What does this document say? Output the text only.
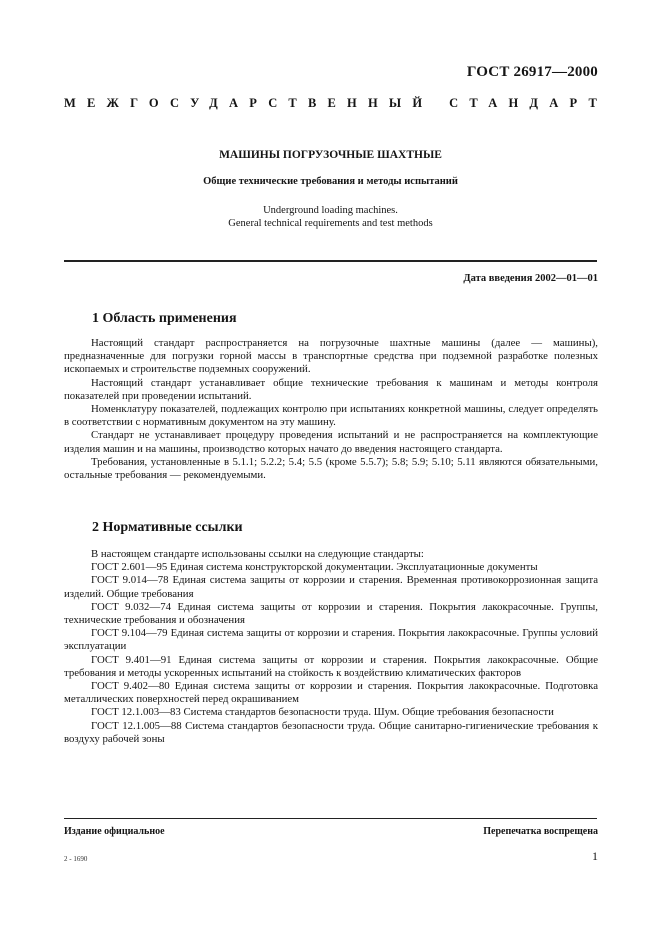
ГОСТ 26917—2000
МЕЖГОСУДАРСТВЕННЫЙ СТАНДАРТ
МАШИНЫ ПОГРУЗОЧНЫЕ ШАХТНЫЕ
Общие технические требования и методы испытаний
Underground loading machines.
General technical requirements and test methods
Дата введения 2002—01—01
1 Область применения

Настоящий стандарт распространяется на погрузочные шахтные машины (далее — машины), предназначенные для погрузки горной массы в транспортные средства при подземной разработке полезных ископаемых и строительстве подземных сооружений.

Настоящий стандарт устанавливает общие технические требования к машинам и методы контроля показателей при проведении испытаний.

Номенклатуру показателей, подлежащих контролю при испытаниях конкретной машины, следует определять в соответствии с нормативным документом на эту машину.

Стандарт не устанавливает процедуру проведения испытаний и не распространяется на комплектующие изделия машин и на машины, производство которых начато до введения настоящего стандарта.

Требования, установленные в 5.1.1; 5.2.2; 5.4; 5.5 (кроме 5.5.7); 5.8; 5.9; 5.10; 5.11 являются обязательными, остальные требования — рекомендуемыми.

2 Нормативные ссылки

В настоящем стандарте использованы ссылки на следующие стандарты:

ГОСТ 2.601—95 Единая система конструкторской документации. Эксплуатационные документы

ГОСТ 9.014—78 Единая система защиты от коррозии и старения. Временная противокоррозионная защита изделий. Общие требования

ГОСТ 9.032—74 Единая система защиты от коррозии и старения. Покрытия лакокрасочные. Группы, технические требования и обозначения

ГОСТ 9.104—79 Единая система защиты от коррозии и старения. Покрытия лакокрасочные. Группы условий эксплуатации

ГОСТ 9.401—91 Единая система защиты от коррозии и старения. Покрытия лакокрасочные. Общие требования и методы ускоренных испытаний на стойкость к воздействию климатических факторов

ГОСТ 9.402—80 Единая система защиты от коррозии и старения. Покрытия лакокрасочные. Подготовка металлических поверхностей перед окрашиванием

ГОСТ 12.1.003—83 Система стандартов безопасности труда. Шум. Общие требования безопасности

ГОСТ 12.1.005—88 Система стандартов безопасности труда. Общие санитарно-гигиенические требования к воздуху рабочей зоны

Издание официальное	Перепечатка воспрещена
2 - 1690	1
